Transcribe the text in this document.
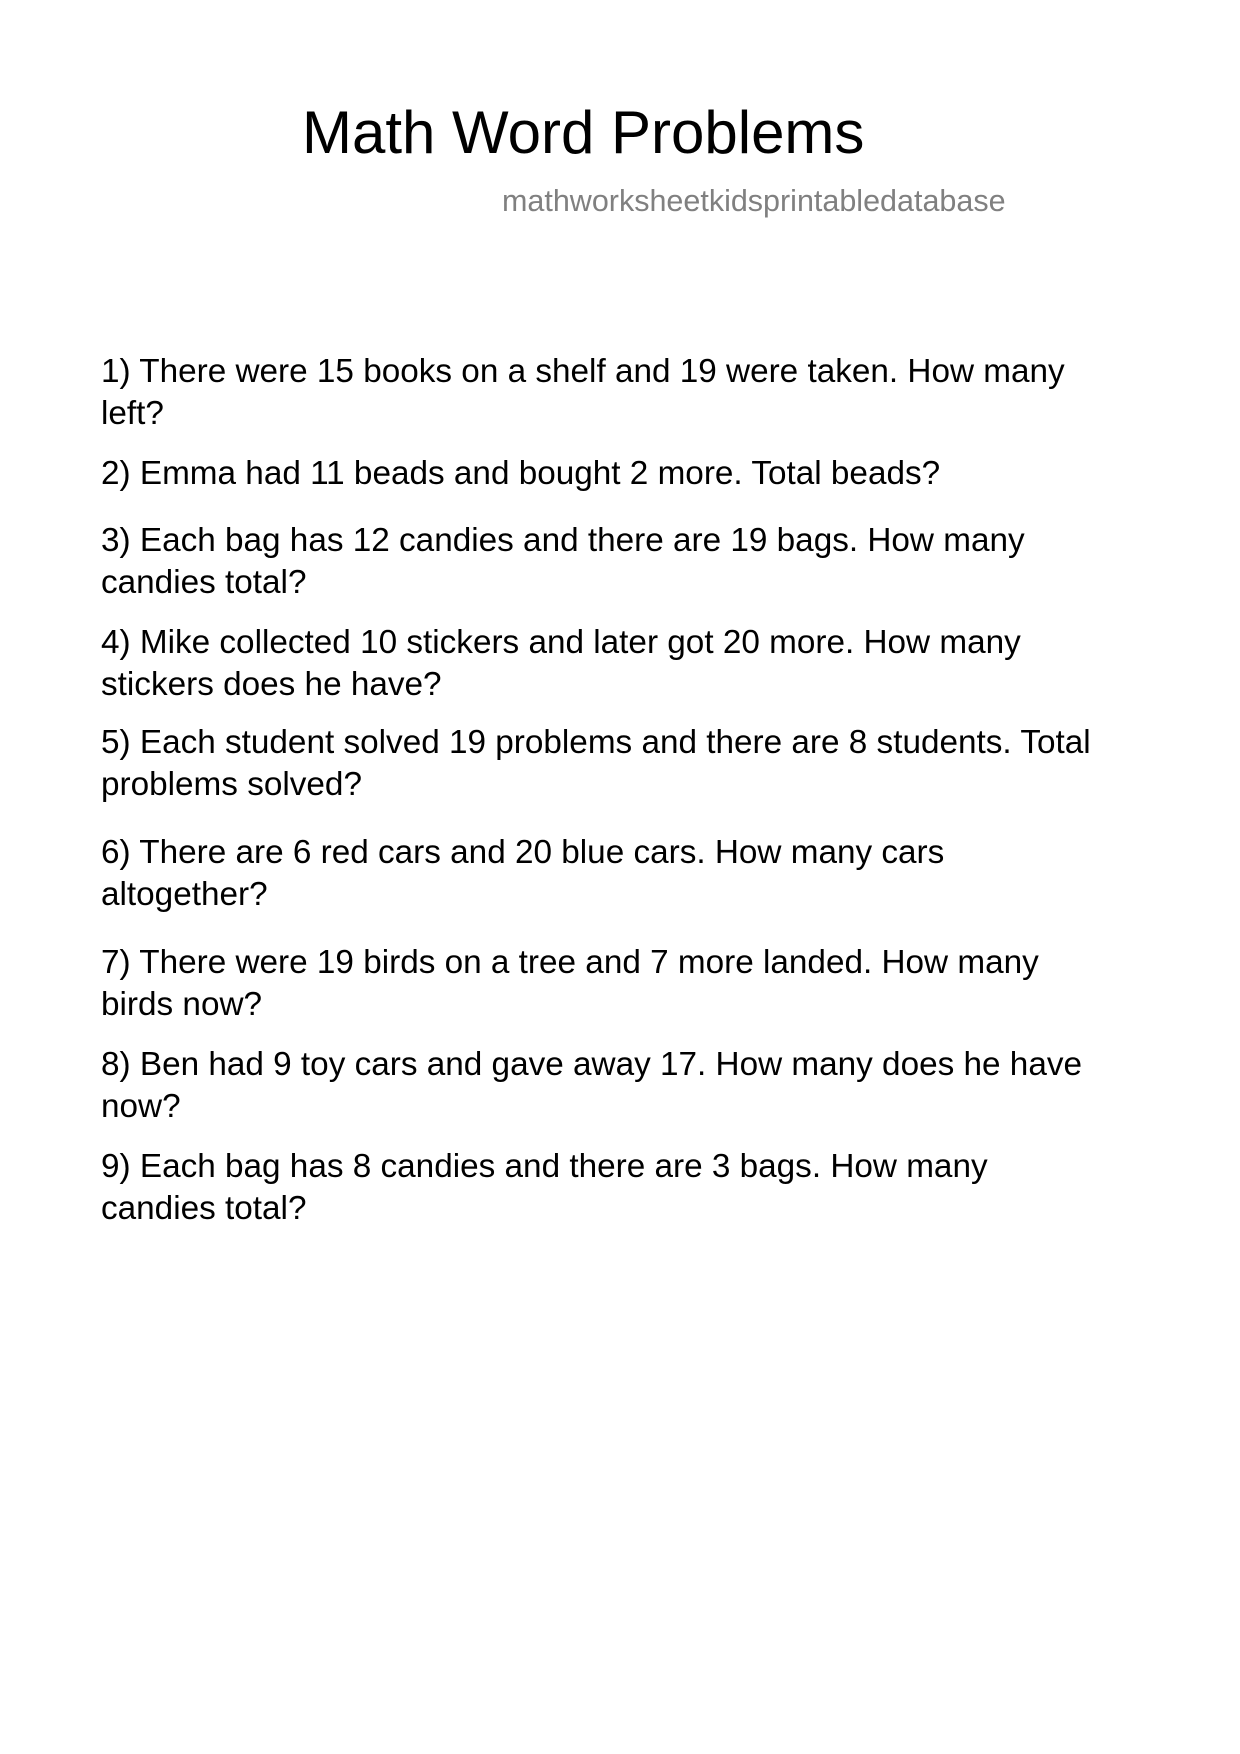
Math Word Problems
mathworksheetkidsprintabledatabase
1) There were 15 books on a shelf and 19 were taken. How many
left?
2) Emma had 11 beads and bought 2 more. Total beads?
3) Each bag has 12 candies and there are 19 bags. How many
candies total?
4) Mike collected 10 stickers and later got 20 more. How many
stickers does he have?
5) Each student solved 19 problems and there are 8 students. Total
problems solved?
6) There are 6 red cars and 20 blue cars. How many cars
altogether?
7) There were 19 birds on a tree and 7 more landed. How many
birds now?
8) Ben had 9 toy cars and gave away 17. How many does he have
now?
9) Each bag has 8 candies and there are 3 bags. How many
candies total?
